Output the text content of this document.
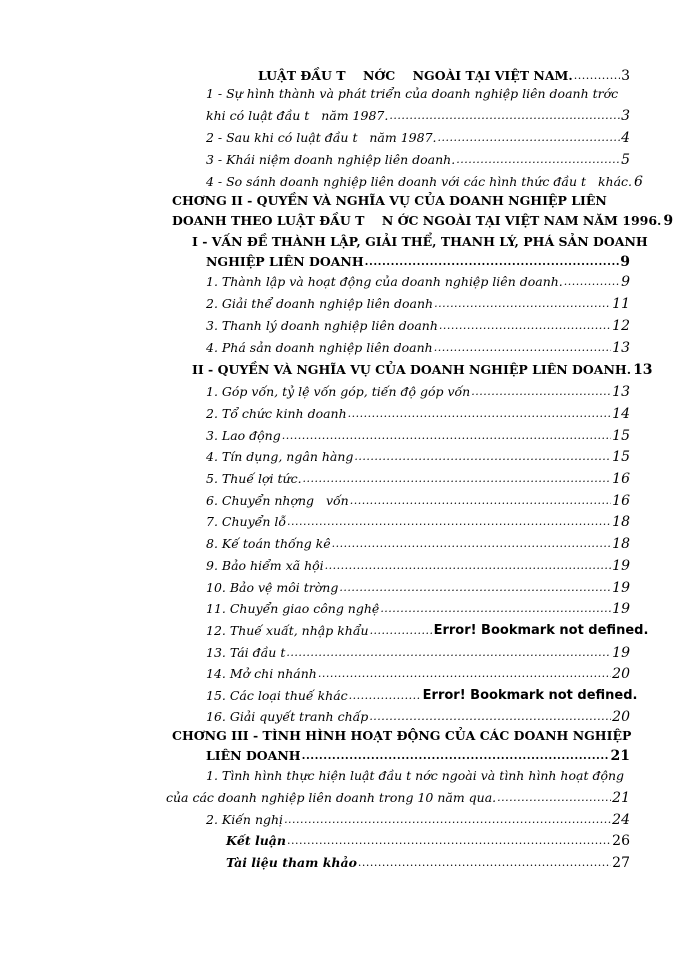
LUẬT ĐẦU T    NỚC    NGOÀI TẠI VIỆT NAM. .....	3
1 - Sự hình thành và phát triển của doanh nghiệp liên doanh trớc
khi có luật đầu t   năm 1987. .....	3
2 - Sau khi có luật đầu t   năm 1987. .....	4
3 - Khái niệm doanh nghiệp liên doanh. .....	5
4 - So sánh doanh nghiệp liên doanh với các hình thức đầu t   khác. 6
CHƠNG II - QUYỀN VÀ NGHĨA VỤ CỦA DOANH NGHIỆP LIÊN
DOANH THEO LUẬT ĐẦU T    N ỚC NGOÀI TẠI VIỆT NAM NĂM 1996. 9
I - VẤN ĐỀ THÀNH LẬP, GIẢI THỂ, THANH LÝ, PHÁ SẢN DOANH
NGHIỆP LIÊN DOANH .....	9
1. Thành lập và hoạt động của doanh nghiệp liên doanh. .....	9
2. Giải thể doanh nghiệp liên doanh .....	11
3. Thanh lý doanh nghiệp liên doanh .....	12
4. Phá sản doanh nghiệp liên doanh .....	13
II - QUYỀN VÀ NGHĨA VỤ CỦA DOANH NGHIỆP LIÊN DOANH. 13
1. Góp vốn, tỷ lệ vốn góp, tiến độ góp vốn .....	13
2. Tổ chức kinh doanh .....	14
3. Lao động .....	15
4. Tín dụng, ngân hàng .....	15
5. Thuế lợi tức. .....	16
6. Chuyển nhợng   vốn .....	16
7. Chuyển lỗ .....	18
8. Kế toán thống kê .....	18
9. Bảo hiểm xã hội .....	19
10. Bảo vệ môi trờng .....	19
11. Chuyển giao công nghệ .....	19
12. Thuế xuất, nhập khẩu .....	Error! Bookmark not defined.
13. Tái đầu t .....	19
14. Mở chi nhánh .....	20
15. Các loại thuế khác .....	Error! Bookmark not defined.
16. Giải quyết tranh chấp .....	20
CHƠNG III - TÌNH HÌNH HOẠT ĐỘNG CỦA CÁC DOANH NGHIỆP
LIÊN DOANH .....	21
1. Tình hình thực hiện luật đầu t nớc ngoài và tình hình hoạt động
của các doanh nghiệp liên doanh trong 10 năm qua. .....	21
2. Kiến nghị .....	24
Kết luận .....	26
Tài liệu tham khảo .....	27
